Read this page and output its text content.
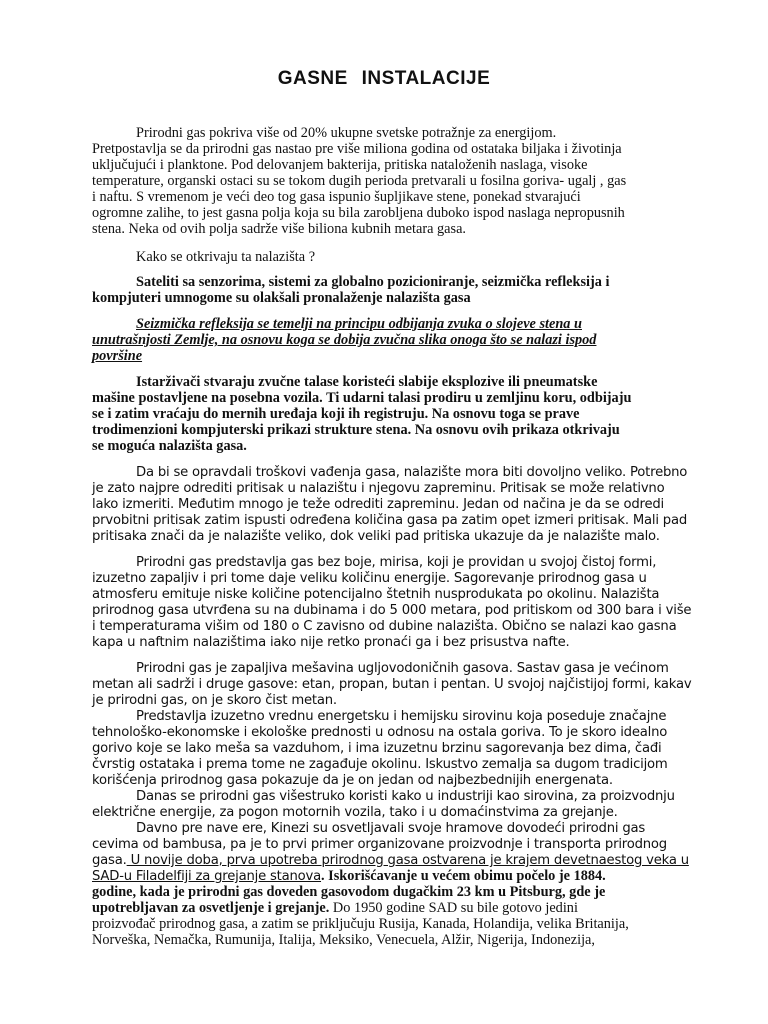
GASNE INSTALACIJE
Prirodni gas pokriva više od 20% ukupne svetske potražnje za energijom.
Pretpostavlja se da prirodni gas nastao pre više miliona godina od ostataka biljaka i životinja
uključujući i planktone. Pod delovanjem bakterija, pritiska nataloženih naslaga, visoke
temperature, organski ostaci su se tokom dugih perioda pretvarali u fosilna goriva- ugalj , gas
i naftu. S vremenom je veći deo tog gasa ispunio šupljikave stene, ponekad stvarajući
ogromne zalihe, to jest gasna polja koja su bila zarobljena duboko ispod naslaga nepropusnih
stena. Neka od ovih polja sadrže više biliona kubnih metara gasa.
Kako se otkrivaju ta nalazišta ?
Sateliti sa senzorima, sistemi za globalno pozicioniranje, seizmička refleksija i
kompjuteri umnogome su olakšali pronalaženje nalazišta gasa
Seizmička refleksija se temelji na principu odbijanja zvuka o slojeve stena u
unutrašnjosti Zemlje, na osnovu koga se dobija zvučna slika onoga što se nalazi ispod
površine
Istarživači stvaraju zvučne talase koristeći slabije eksplozive ili pneumatske
mašine postavljene na posebna vozila. Ti udarni talasi prodiru u zemljinu koru, odbijaju
se i zatim vraćaju do mernih uređaja koji ih registruju. Na osnovu toga se prave
trodimenzioni kompjuterski prikazi strukture stena. Na osnovu ovih prikaza otkrivaju
se moguća nalazišta gasa.
Da bi se opravdali troškovi vađenja gasa, nalazište mora biti dovoljno veliko. Potrebno
je zato najpre odrediti pritisak u nalazištu i njegovu zapreminu. Pritisak se može relativno
lako izmeriti. Međutim mnogo je teže odrediti zapreminu. Jedan od načina je da se odredi
prvobitni pritisak zatim ispusti određena količina gasa pa zatim opet izmeri pritisak. Mali pad
pritisaka znači da je nalazište veliko, dok veliki pad pritiska ukazuje da je nalazište malo.
Prirodni gas predstavlja gas bez boje, mirisa, koji je providan u svojoj čistoj formi,
izuzetno zapaljiv i pri tome daje veliku količinu energije. Sagorevanje prirodnog gasa u
atmosferu emituje niske količine potencijalno štetnih nusprodukata po okolinu. Nalazišta
prirodnog gasa utvrđena su na dubinama i do 5 000 metara, pod pritiskom od 300 bara i više
i temperaturama višim od 180 o C zavisno od dubine nalazišta. Obično se nalazi kao gasna
kapa u naftnim nalazištima iako nije retko pronaći ga i bez prisustva nafte.
Prirodni gas je zapaljiva mešavina ugljovodoničnih gasova. Sastav gasa je većinom
metan ali sadrži i druge gasove: etan, propan, butan i pentan. U svojoj najčistijoj formi, kakav
je prirodni gas, on je skoro čist metan.
Predstavlja izuzetno vrednu energetsku i hemijsku sirovinu koja poseduje značajne
tehnološko-ekonomske i ekološke prednosti u odnosu na ostala goriva. To je skoro idealno
gorivo koje se lako meša sa vazduhom, i ima izuzetnu brzinu sagorevanja bez dima, čađi
čvrstig ostataka i prema tome ne zagađuje okolinu. Iskustvo zemalja sa dugom tradicijom
korišćenja prirodnog gasa pokazuje da je on jedan od najbezbednijih energenata.
Danas se prirodni gas višestruko koristi kako u industriji kao sirovina, za proizvodnju
električne energije, za pogon motornih vozila, tako i u domaćinstvima za grejanje.
Davno pre nave ere, Kinezi su osvetljavali svoje hramove dovodeći prirodni gas
cevima od bambusa, pa je to prvi primer organizovane proizvodnje i transporta prirodnog
gasa. U novije doba, prva upotreba prirodnog gasa ostvarena je krajem devetnaestog veka u
SAD-u Filadelfiji za grejanje stanova. Iskorišćavanje u većem obimu počelo je 1884.
godine, kada je prirodni gas doveden gasovodom dugačkim 23 km u Pitsburg, gde je
upotrebljavan za osvetljenje i grejanje. Do 1950 godine SAD su bile gotovo jedini
proizvođač prirodnog gasa, a zatim se priključuju Rusija, Kanada, Holandija, velika Britanija,
Norveška, Nemačka, Rumunija, Italija, Meksiko, Venecuela, Alžir, Nigerija, Indonezija,
